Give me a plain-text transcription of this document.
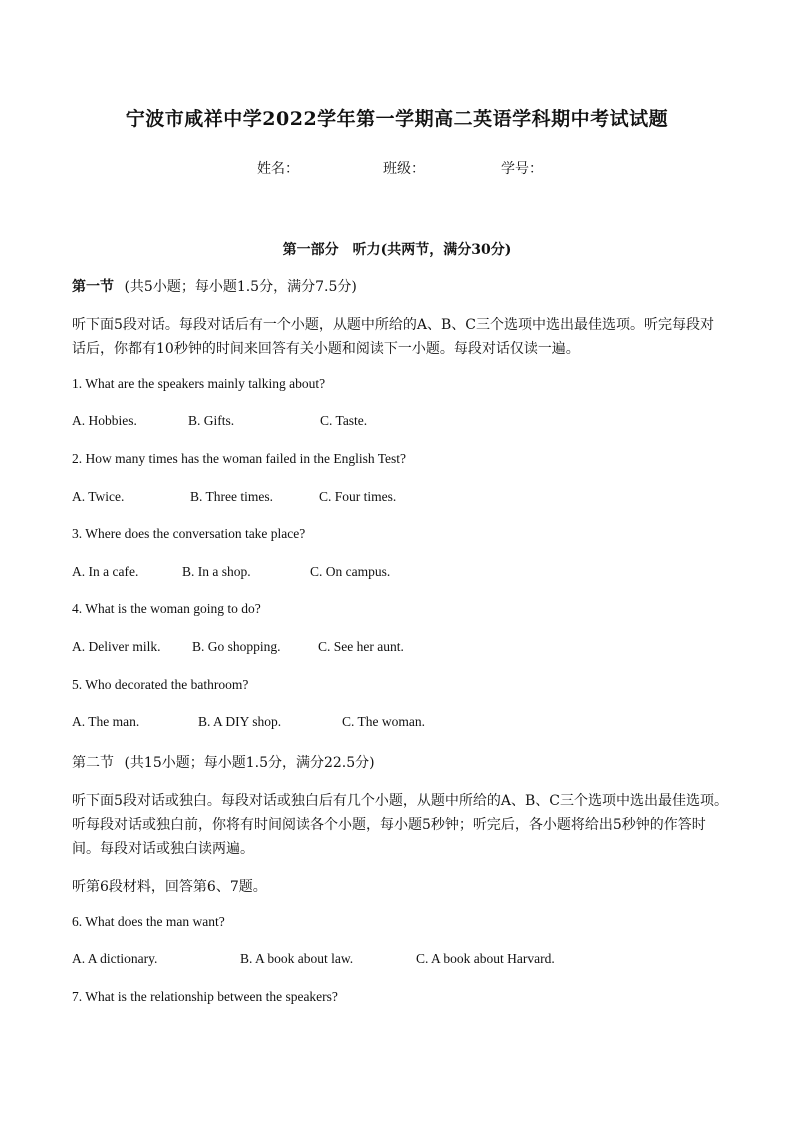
宁波市咸祥中学2022学年第一学期高二英语学科期中考试试题
姓名：	班级：	学号：
第一部分　听力(共两节，满分30分)
第一节 (共5小题；每小题1.5分，满分7.5分)
听下面5段对话。每段对话后有一个小题，从题中所给的A、B、C三个选项中选出最佳选项。听完每段对
话后，你都有10秒钟的时间来回答有关小题和阅读下一小题。每段对话仅读一遍。
1. What are the speakers mainly talking about?
A. Hobbies.	B. Gifts.	C. Taste.
2. How many times has the woman failed in the English Test?
A. Twice.	B. Three times.	C. Four times.
3. Where does the conversation take place?
A. In a cafe.	B. In a shop.	C. On campus.
4. What is the woman going to do?
A. Deliver milk. B. Go shopping.	C. See her aunt.
5. Who decorated the bathroom?
A. The man.	B. A DIY shop.	C. The woman.
第二节 (共15小题；每小题1.5分，满分22.5分)
听下面5段对话或独白。每段对话或独白后有几个小题，从题中所给的A、B、C三个选项中选出最佳选项。
听每段对话或独白前，你将有时间阅读各个小题，每小题5秒钟；听完后，各小题将给出5秒钟的作答时
间。每段对话或独白读两遍。
听第6段材料，回答第6、7题。
6. What does the man want?
A. A dictionary.	B. A book about law.	C. A book about Harvard.
7. What is the relationship between the speakers?
